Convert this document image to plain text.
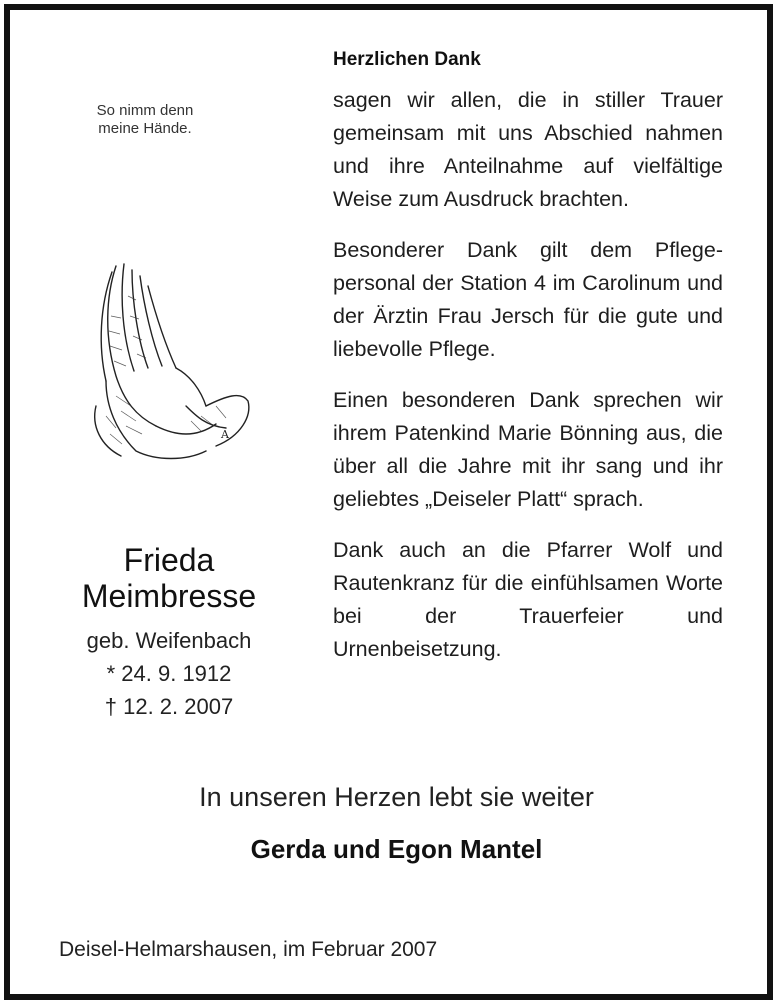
So nimm denn
meine Hände.
A
Frieda
Meimbresse
geb. Weifenbach
* 24. 9. 1912
† 12. 2. 2007
Herzlichen Dank

sagen wir allen, die in stiller Trauer gemeinsam mit uns Abschied nahmen und ihre Anteilnahme auf vielfältige Weise zum Ausdruck brachten.

Besonderer Dank gilt dem Pflegepersonal der Station 4 im Carolinum und der Ärztin Frau Jersch für die gute und liebevolle Pflege.

Einen besonderen Dank sprechen wir ihrem Patenkind Marie Bönning aus, die über all die Jahre mit ihr sang und ihr geliebtes „Deiseler Platt“ sprach.

Dank auch an die Pfarrer Wolf und Rautenkranz für die einfühlsamen Worte bei der Trauerfeier und Urnenbeisetzung.

In unseren Herzen lebt sie weiter
Gerda und Egon Mantel
Deisel-Helmarshausen, im Februar 2007
